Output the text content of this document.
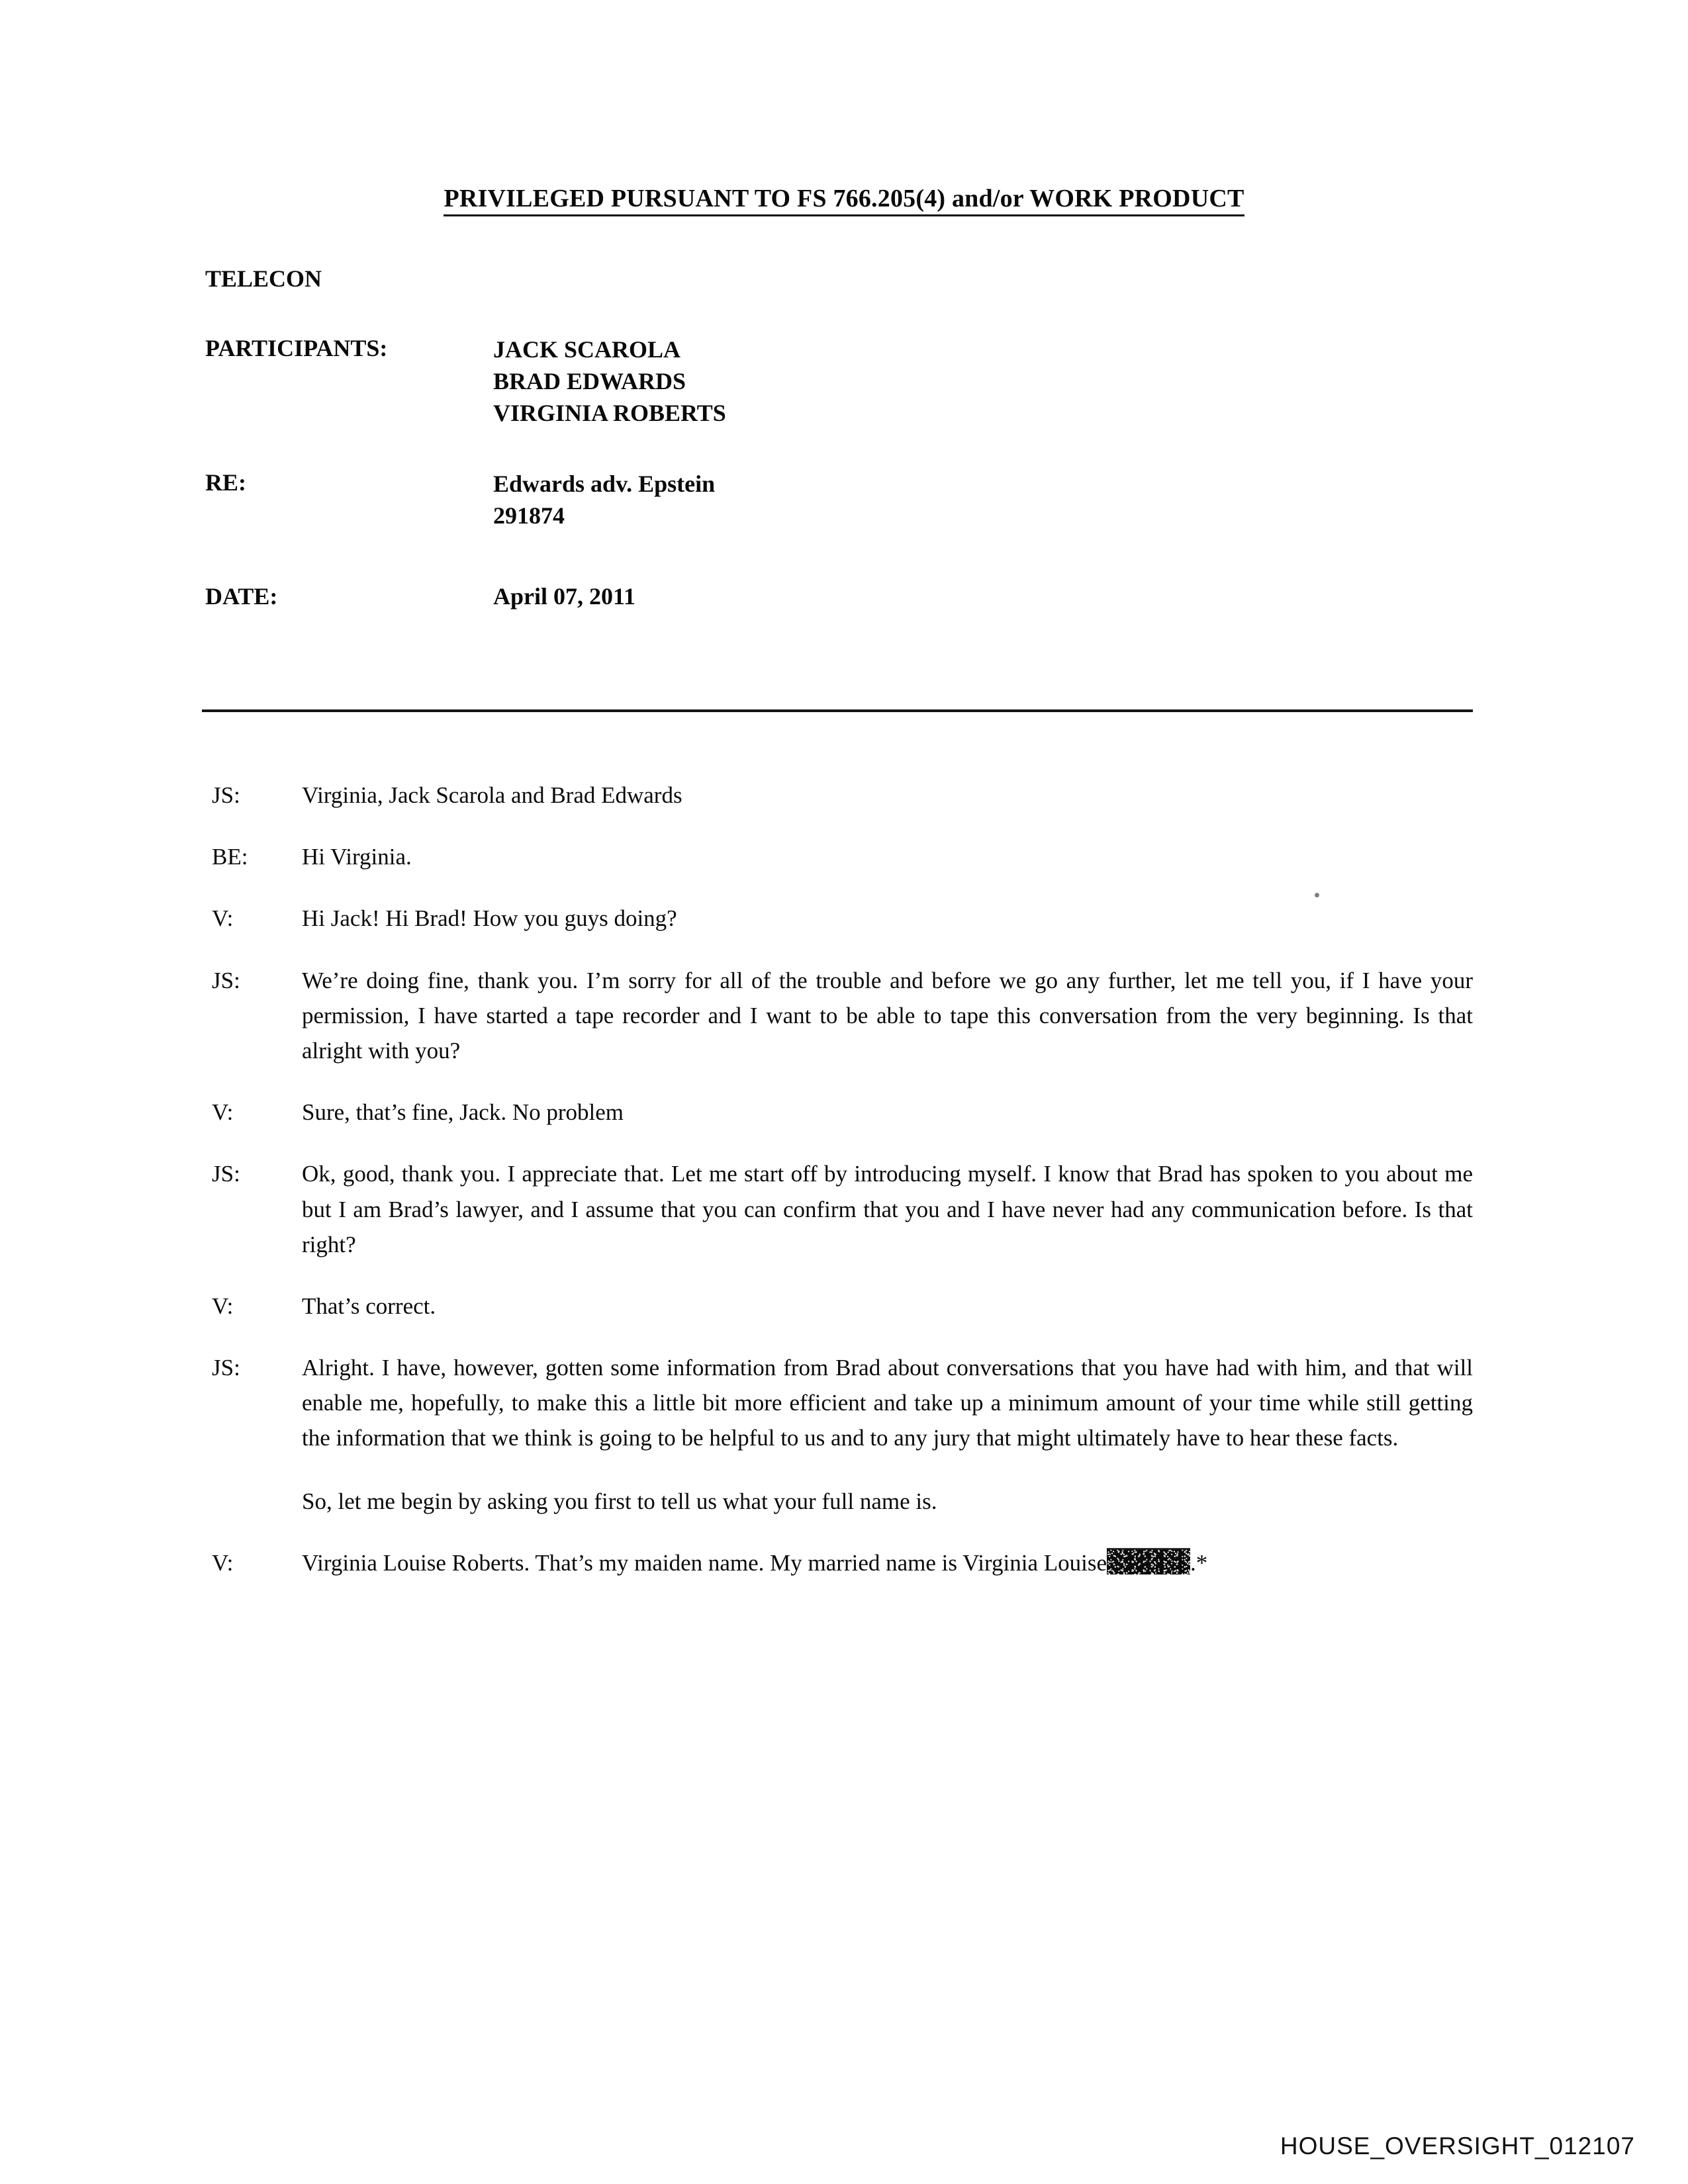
PRIVILEGED PURSUANT TO FS 766.205(4) and/or WORK PRODUCT
TELECON
PARTICIPANTS:	JACK SCAROLA
BRAD EDWARDS
VIRGINIA ROBERTS
RE:	Edwards adv. Epstein
291874
DATE:	April 07, 2011
JS:	Virginia, Jack Scarola and Brad Edwards

BE:	Hi Virginia.

V:	Hi Jack! Hi Brad! How you guys doing?

JS:	We’re doing fine, thank you. I’m sorry for all of the trouble and before we go any further, let me tell you, if I have your permission, I have started a tape recorder and I want to be able to tape this conversation from the very beginning. Is that alright with you?

V:	Sure, that’s fine, Jack. No problem

JS:	Ok, good, thank you. I appreciate that. Let me start off by introducing myself. I know that Brad has spoken to you about me but I am Brad’s lawyer, and I assume that you can confirm that you and I have never had any communication before. Is that right?

V:	That’s correct.

JS:	Alright. I have, however, gotten some information from Brad about conversations that you have had with him, and that will enable me, hopefully, to make this a little bit more efficient and take up a minimum amount of your time while still getting the information that we think is going to be helpful to us and to any jury that might ultimately have to hear these facts.

So, let me begin by asking you first to tell us what your full name is.

V:	Virginia Louise Roberts. That’s my maiden name. My married name is Virginia Louise	.*

HOUSE_OVERSIGHT_012107
